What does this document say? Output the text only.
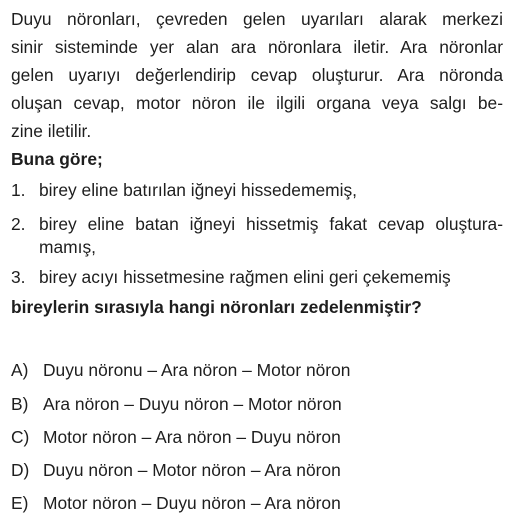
Duyu nöronları, çevreden gelen uyarıları alarak merkezi
sinir sisteminde yer alan ara nöronlara iletir. Ara nöronlar
gelen uyarıyı değerlendirip cevap oluşturur. Ara nöronda
oluşan cevap, motor nöron ile ilgili organa veya salgı be-
zine iletilir.
Buna göre;
1. birey eline batırılan iğneyi hissedememiş,
2. birey eline batan iğneyi hissetmiş fakat cevap oluştura-
mamış,
3. birey acıyı hissetmesine rağmen elini geri çekememiş
bireylerin sırasıyla hangi nöronları zedelenmiştir?
A) Duyu nöronu – Ara nöron – Motor nöron
B) Ara nöron – Duyu nöron – Motor nöron
C) Motor nöron – Ara nöron – Duyu nöron
D) Duyu nöron – Motor nöron – Ara nöron
E) Motor nöron – Duyu nöron – Ara nöron
